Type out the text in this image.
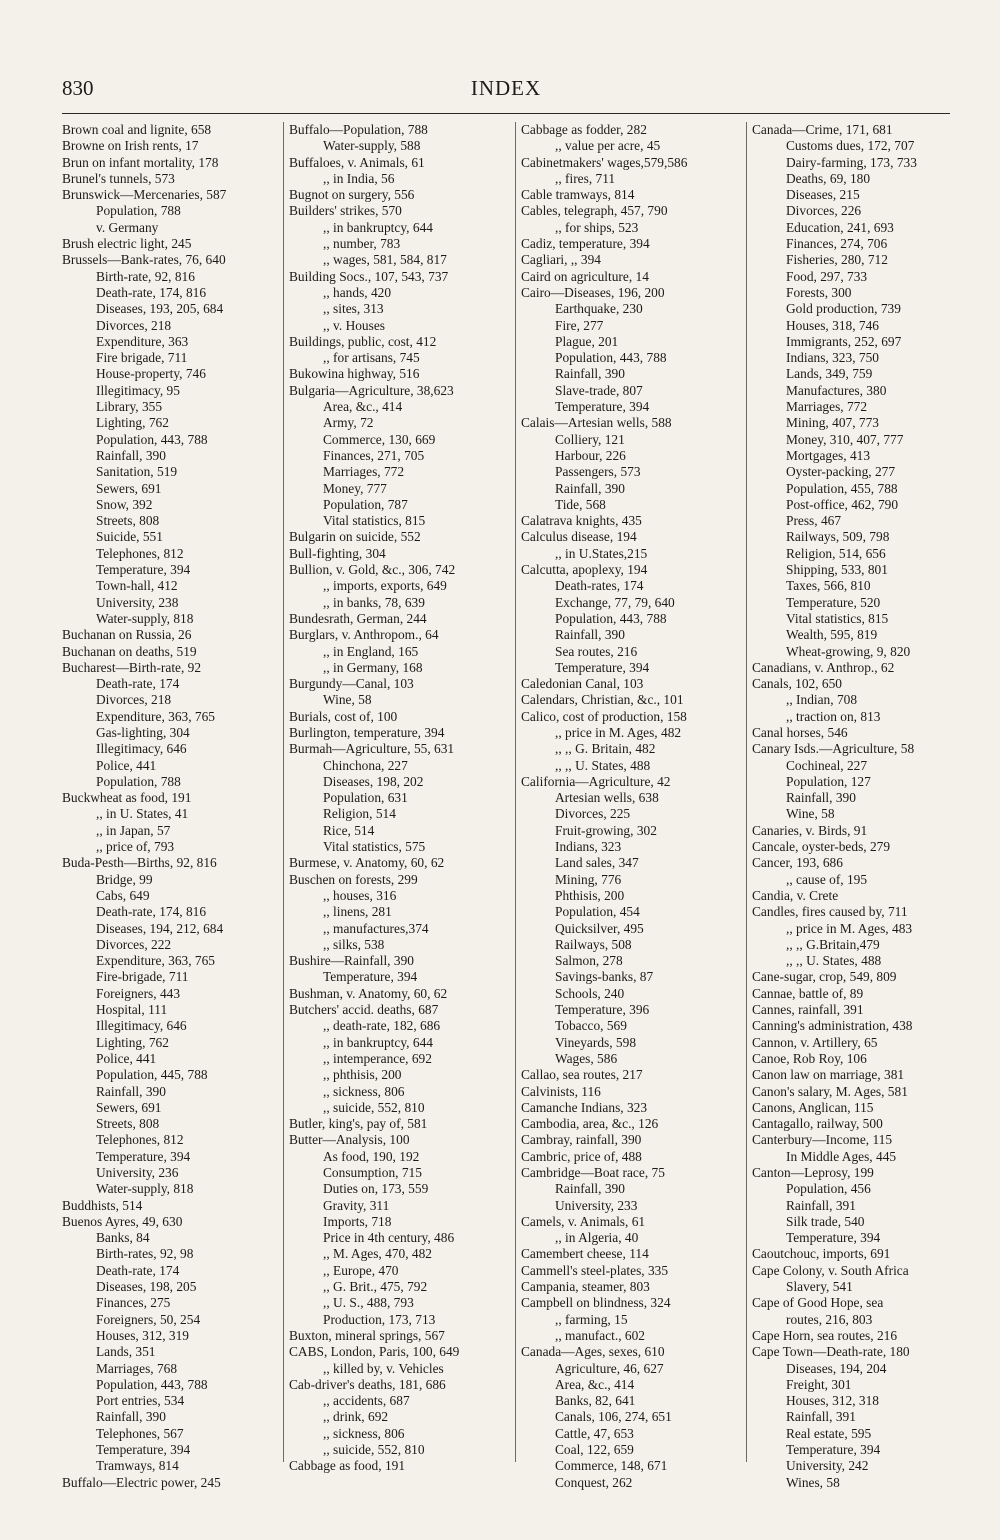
830	INDEX
Brown coal and lignite, 658
Browne on Irish rents, 17
Brun on infant mortality, 178
Brunel's tunnels, 573
Brunswick—Mercenaries, 587
Population, 788
v. Germany
Brush electric light, 245
Brussels—Bank-rates, 76, 640
Birth-rate, 92, 816
Death-rate, 174, 816
Diseases, 193, 205, 684
Divorces, 218
Expenditure, 363
Fire brigade, 711
House-property, 746
Illegitimacy, 95
Library, 355
Lighting, 762
Population, 443, 788
Rainfall, 390
Sanitation, 519
Sewers, 691
Snow, 392
Streets, 808
Suicide, 551
Telephones, 812
Temperature, 394
Town-hall, 412
University, 238
Water-supply, 818
Buchanan on Russia, 26
Buchanan on deaths, 519
Bucharest—Birth-rate, 92
Death-rate, 174
Divorces, 218
Expenditure, 363, 765
Gas-lighting, 304
Illegitimacy, 646
Police, 441
Population, 788
Buckwheat as food, 191
,, in U. States, 41
,, in Japan, 57
,, price of, 793
Buda-Pesth—Births, 92, 816
Bridge, 99
Cabs, 649
Death-rate, 174, 816
Diseases, 194, 212, 684
Divorces, 222
Expenditure, 363, 765
Fire-brigade, 711
Foreigners, 443
Hospital, 111
Illegitimacy, 646
Lighting, 762
Police, 441
Population, 445, 788
Rainfall, 390
Sewers, 691
Streets, 808
Telephones, 812
Temperature, 394
University, 236
Water-supply, 818
Buddhists, 514
Buenos Ayres, 49, 630
Banks, 84
Birth-rates, 92, 98
Death-rate, 174
Diseases, 198, 205
Finances, 275
Foreigners, 50, 254
Houses, 312, 319
Lands, 351
Marriages, 768
Population, 443, 788
Port entries, 534
Rainfall, 390
Telephones, 567
Temperature, 394
Tramways, 814
Buffalo—Electric power, 245
Buffalo—Population, 788
Water-supply, 588
Buffaloes, v. Animals, 61
,, in India, 56
Bugnot on surgery, 556
Builders' strikes, 570
,, in bankruptcy, 644
,, number, 783
,, wages, 581, 584, 817
Building Socs., 107, 543, 737
,, hands, 420
,, sites, 313
,, v. Houses
Buildings, public, cost, 412
,, for artisans, 745
Bukowina highway, 516
Bulgaria—Agriculture, 38,623
Area, &c., 414
Army, 72
Commerce, 130, 669
Finances, 271, 705
Marriages, 772
Money, 777
Population, 787
Vital statistics, 815
Bulgarin on suicide, 552
Bull-fighting, 304
Bullion, v. Gold, &c., 306, 742
,, imports, exports, 649
,, in banks, 78, 639
Bundesrath, German, 244
Burglars, v. Anthropom., 64
,, in England, 165
,, in Germany, 168
Burgundy—Canal, 103
Wine, 58
Burials, cost of, 100
Burlington, temperature, 394
Burmah—Agriculture, 55, 631
Chinchona, 227
Diseases, 198, 202
Population, 631
Religion, 514
Rice, 514
Vital statistics, 575
Burmese, v. Anatomy, 60, 62
Buschen on forests, 299
,, houses, 316
,, linens, 281
,, manufactures,374
,, silks, 538
Bushire—Rainfall, 390
Temperature, 394
Bushman, v. Anatomy, 60, 62
Butchers' accid. deaths, 687
,, death-rate, 182, 686
,, in bankruptcy, 644
,, intemperance, 692
,, phthisis, 200
,, sickness, 806
,, suicide, 552, 810
Butler, king's, pay of, 581
Butter—Analysis, 100
As food, 190, 192
Consumption, 715
Duties on, 173, 559
Gravity, 311
Imports, 718
Price in 4th century, 486
,, M. Ages, 470, 482
,, Europe, 470
,, G. Brit., 475, 792
,, U. S., 488, 793
Production, 173, 713
Buxton, mineral springs, 567
CABS, London, Paris, 100, 649
,, killed by, v. Vehicles
Cab-driver's deaths, 181, 686
,, accidents, 687
,, drink, 692
,, sickness, 806
,, suicide, 552, 810
Cabbage as food, 191
Cabbage as fodder, 282
,, value per acre, 45
Cabinetmakers' wages,579,586
,, fires, 711
Cable tramways, 814
Cables, telegraph, 457, 790
,, for ships, 523
Cadiz, temperature, 394
Cagliari, ,, 394
Caird on agriculture, 14
Cairo—Diseases, 196, 200
Earthquake, 230
Fire, 277
Plague, 201
Population, 443, 788
Rainfall, 390
Slave-trade, 807
Temperature, 394
Calais—Artesian wells, 588
Colliery, 121
Harbour, 226
Passengers, 573
Rainfall, 390
Tide, 568
Calatrava knights, 435
Calculus disease, 194
,, in U.States,215
Calcutta, apoplexy, 194
Death-rates, 174
Exchange, 77, 79, 640
Population, 443, 788
Rainfall, 390
Sea routes, 216
Temperature, 394
Caledonian Canal, 103
Calendars, Christian, &c., 101
Calico, cost of production, 158
,, price in M. Ages, 482
,, ,, G. Britain, 482
,, ,, U. States, 488
California—Agriculture, 42
Artesian wells, 638
Divorces, 225
Fruit-growing, 302
Indians, 323
Land sales, 347
Mining, 776
Phthisis, 200
Population, 454
Quicksilver, 495
Railways, 508
Salmon, 278
Savings-banks, 87
Schools, 240
Temperature, 396
Tobacco, 569
Vineyards, 598
Wages, 586
Callao, sea routes, 217
Calvinists, 116
Camanche Indians, 323
Cambodia, area, &c., 126
Cambray, rainfall, 390
Cambric, price of, 488
Cambridge—Boat race, 75
Rainfall, 390
University, 233
Camels, v. Animals, 61
,, in Algeria, 40
Camembert cheese, 114
Cammell's steel-plates, 335
Campania, steamer, 803
Campbell on blindness, 324
,, farming, 15
,, manufact., 602
Canada—Ages, sexes, 610
Agriculture, 46, 627
Area, &c., 414
Banks, 82, 641
Canals, 106, 274, 651
Cattle, 47, 653
Coal, 122, 659
Commerce, 148, 671
Conquest, 262
Canada—Crime, 171, 681
Customs dues, 172, 707
Dairy-farming, 173, 733
Deaths, 69, 180
Diseases, 215
Divorces, 226
Education, 241, 693
Finances, 274, 706
Fisheries, 280, 712
Food, 297, 733
Forests, 300
Gold production, 739
Houses, 318, 746
Immigrants, 252, 697
Indians, 323, 750
Lands, 349, 759
Manufactures, 380
Marriages, 772
Mining, 407, 773
Money, 310, 407, 777
Mortgages, 413
Oyster-packing, 277
Population, 455, 788
Post-office, 462, 790
Press, 467
Railways, 509, 798
Religion, 514, 656
Shipping, 533, 801
Taxes, 566, 810
Temperature, 520
Vital statistics, 815
Wealth, 595, 819
Wheat-growing, 9, 820
Canadians, v. Anthrop., 62
Canals, 102, 650
,, Indian, 708
,, traction on, 813
Canal horses, 546
Canary Isds.—Agriculture, 58
Cochineal, 227
Population, 127
Rainfall, 390
Wine, 58
Canaries, v. Birds, 91
Cancale, oyster-beds, 279
Cancer, 193, 686
,, cause of, 195
Candia, v. Crete
Candles, fires caused by, 711
,, price in M. Ages, 483
,, ,, G.Britain,479
,, ,, U. States, 488
Cane-sugar, crop, 549, 809
Cannae, battle of, 89
Cannes, rainfall, 391
Canning's administration, 438
Cannon, v. Artillery, 65
Canoe, Rob Roy, 106
Canon law on marriage, 381
Canon's salary, M. Ages, 581
Canons, Anglican, 115
Cantagallo, railway, 500
Canterbury—Income, 115
In Middle Ages, 445
Canton—Leprosy, 199
Population, 456
Rainfall, 391
Silk trade, 540
Temperature, 394
Caoutchouc, imports, 691
Cape Colony, v. South Africa
Slavery, 541
Cape of Good Hope, sea
routes, 216, 803
Cape Horn, sea routes, 216
Cape Town—Death-rate, 180
Diseases, 194, 204
Freight, 301
Houses, 312, 318
Rainfall, 391
Real estate, 595
Temperature, 394
University, 242
Wines, 58
